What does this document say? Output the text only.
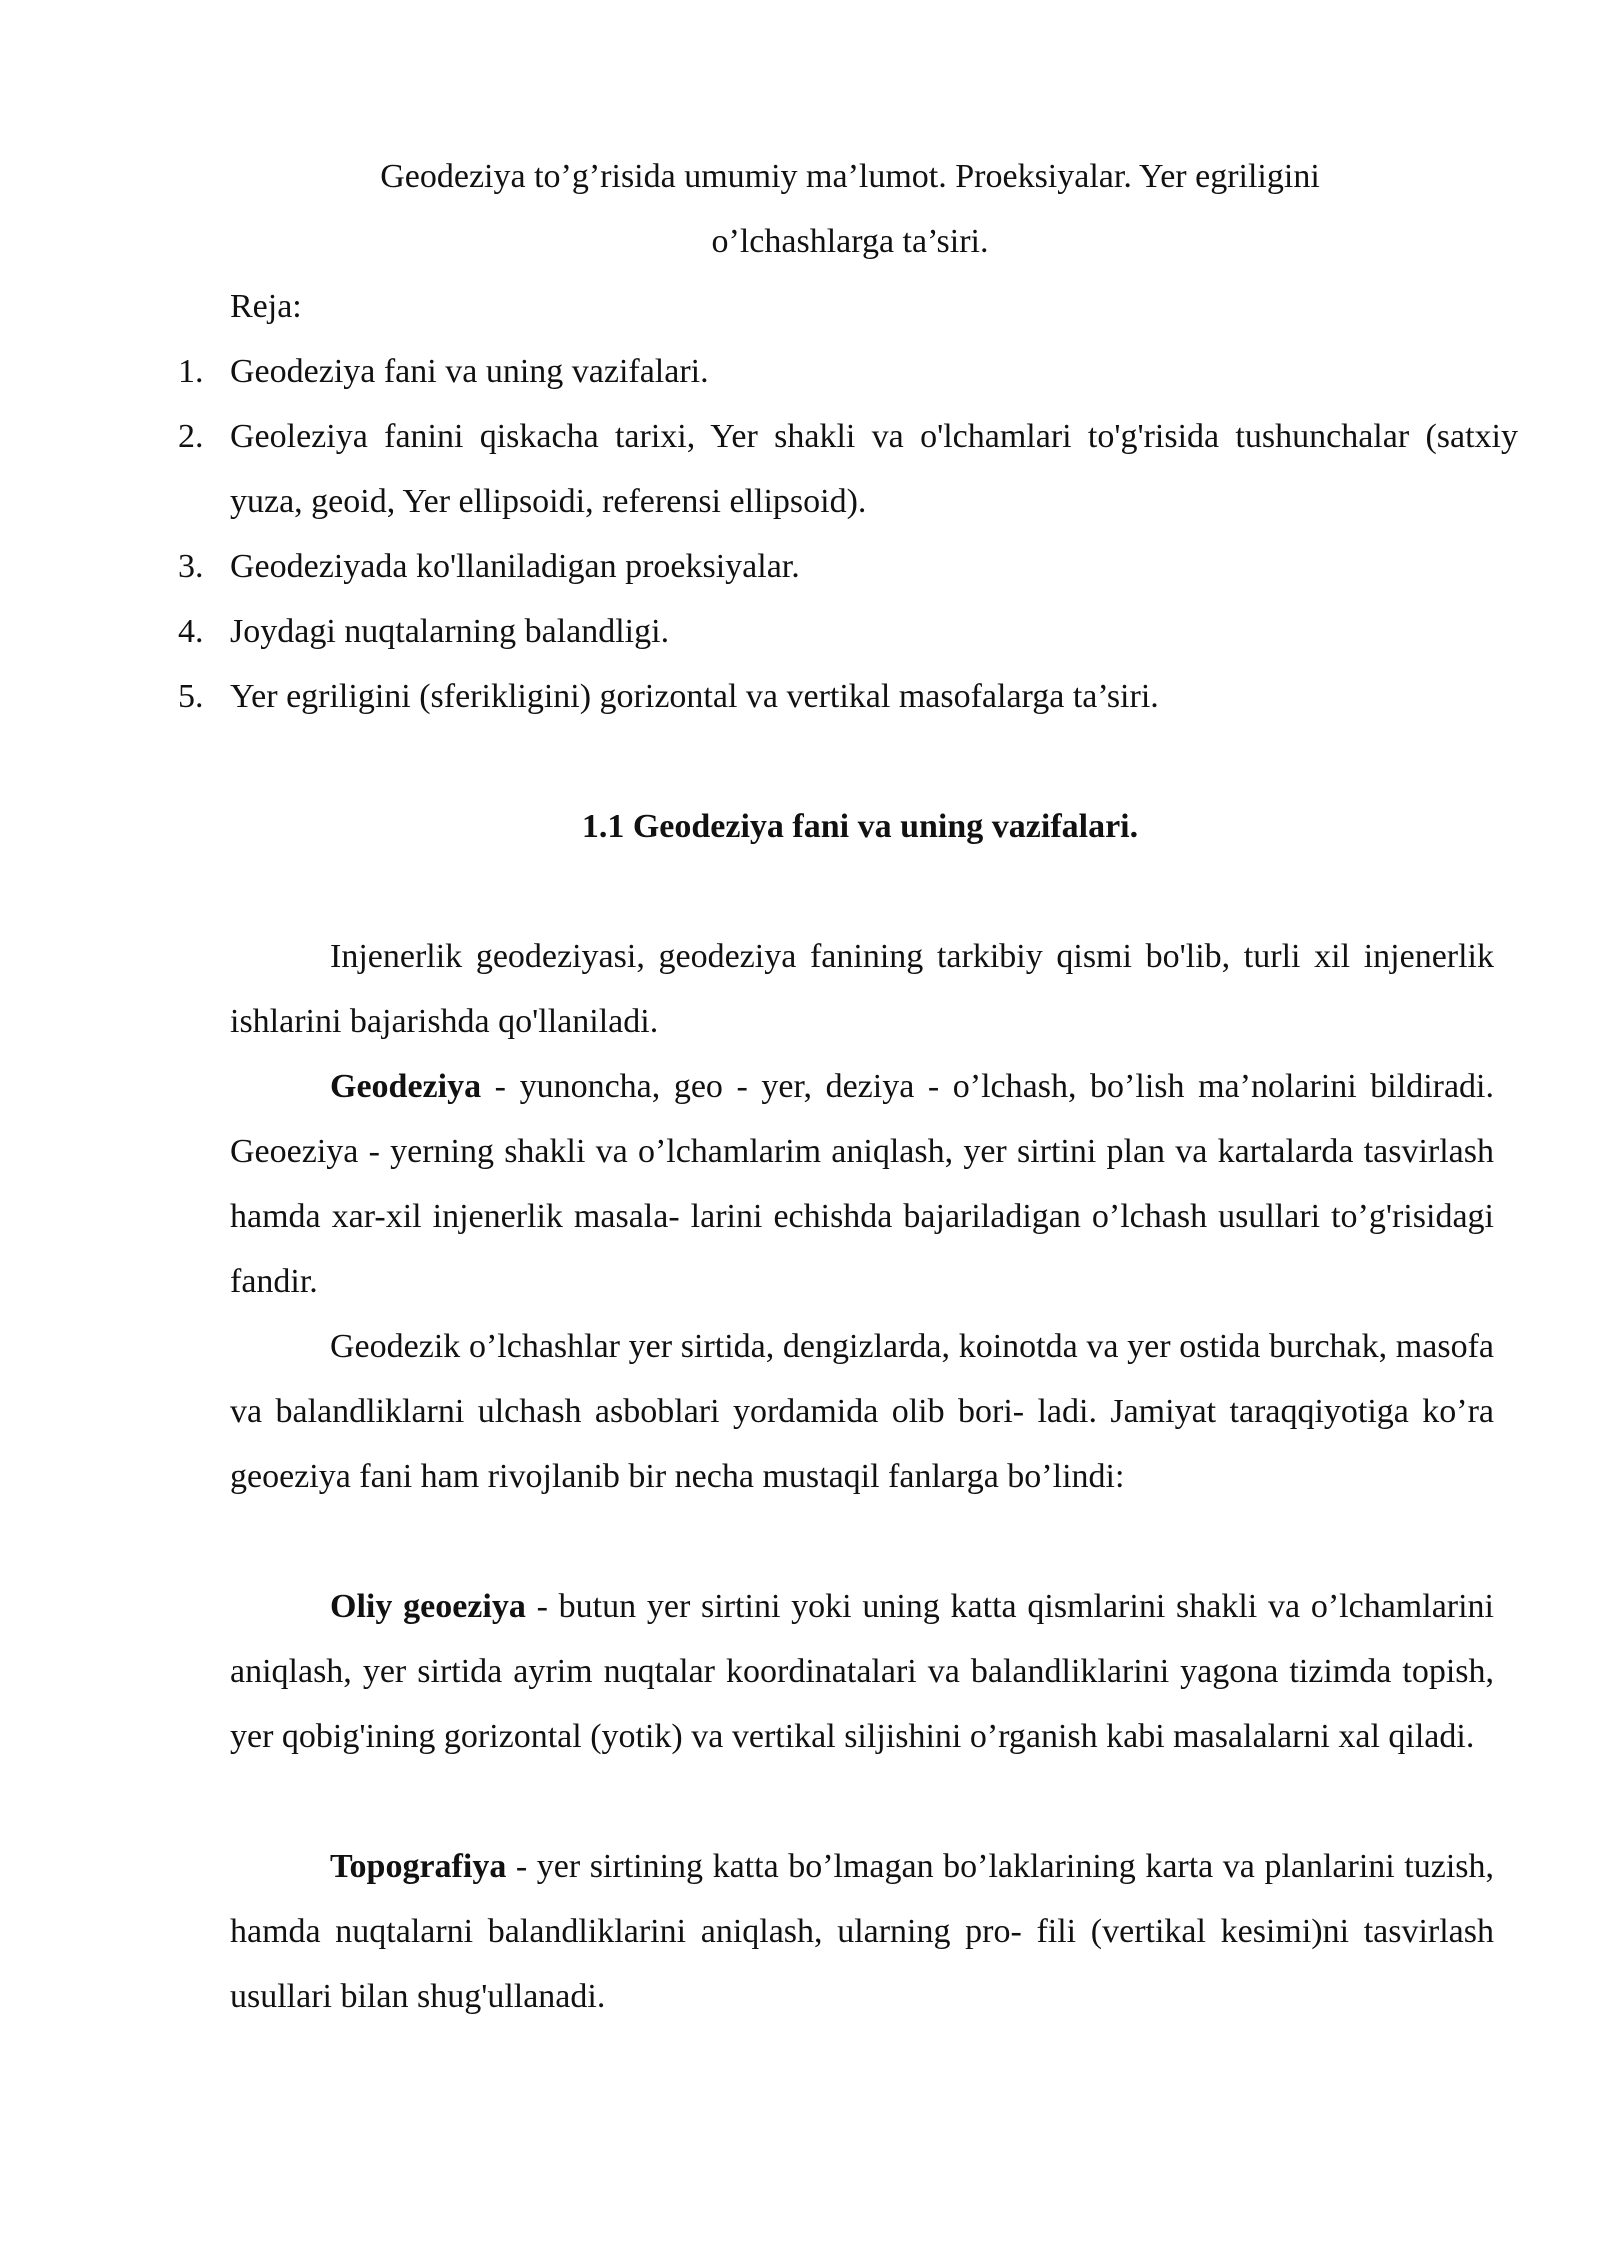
Geodeziya to’g’risida umumiy ma’lumot. Proeksiyalar. Yer egriligini
o’lchashlarga ta’siri.
Reja:
1. Geodeziya fani va uning vazifalari.
2. Geoleziya fanini qiskacha tarixi, Yer shakli va o'lchamlari to'g'risida tushunchalar (satxiy yuza, geoid, Yer ellipsoidi, referensi ellipsoid).
3. Geodeziyada ko'llaniladigan proeksiyalar.
4. Joydagi nuqtalarning balandligi.
5. Yer egriligini (sferikligini) gorizontal va vertikal masofalarga ta’siri.
1.1 Geodeziya fani va uning vazifalari.
Injenerlik geodeziyasi, geodeziya fanining tarkibiy qismi bo'lib, turli xil injenerlik ishlarini bajarishda qo'llaniladi.
Geodeziya - yunoncha, geo - yer, deziya - o’lchash, bo’lish ma’nolarini bildiradi. Geoeziya - yerning shakli va o’lchamlarim aniqlash, yer sirtini plan va kartalarda tasvirlash hamda xar-xil injenerlik masala- larini echishda bajariladigan o’lchash usullari to’g'risidagi fandir.
Geodezik o’lchashlar yer sirtida, dengizlarda, koinotda va yer ostida burchak, masofa va balandliklarni ulchash asboblari yordamida olib bori- ladi. Jamiyat taraqqiyotiga ko’ra geoeziya fani ham rivojlanib bir necha mustaqil fanlarga bo’lindi:
Oliy geoeziya - butun yer sirtini yoki uning katta qismlarini shakli va o’lchamlarini aniqlash, yer sirtida ayrim nuqtalar koordinatalari va balandliklarini yagona tizimda topish, yer qobig'ining gorizontal (yotik) va vertikal siljishini o’rganish kabi masalalarni xal qiladi.
Topografiya - yer sirtining katta bo’lmagan bo’laklarining karta va planlarini tuzish, hamda nuqtalarni balandliklarini aniqlash, ularning pro- fili (vertikal kesimi)ni tasvirlash usullari bilan shug'ullanadi.
